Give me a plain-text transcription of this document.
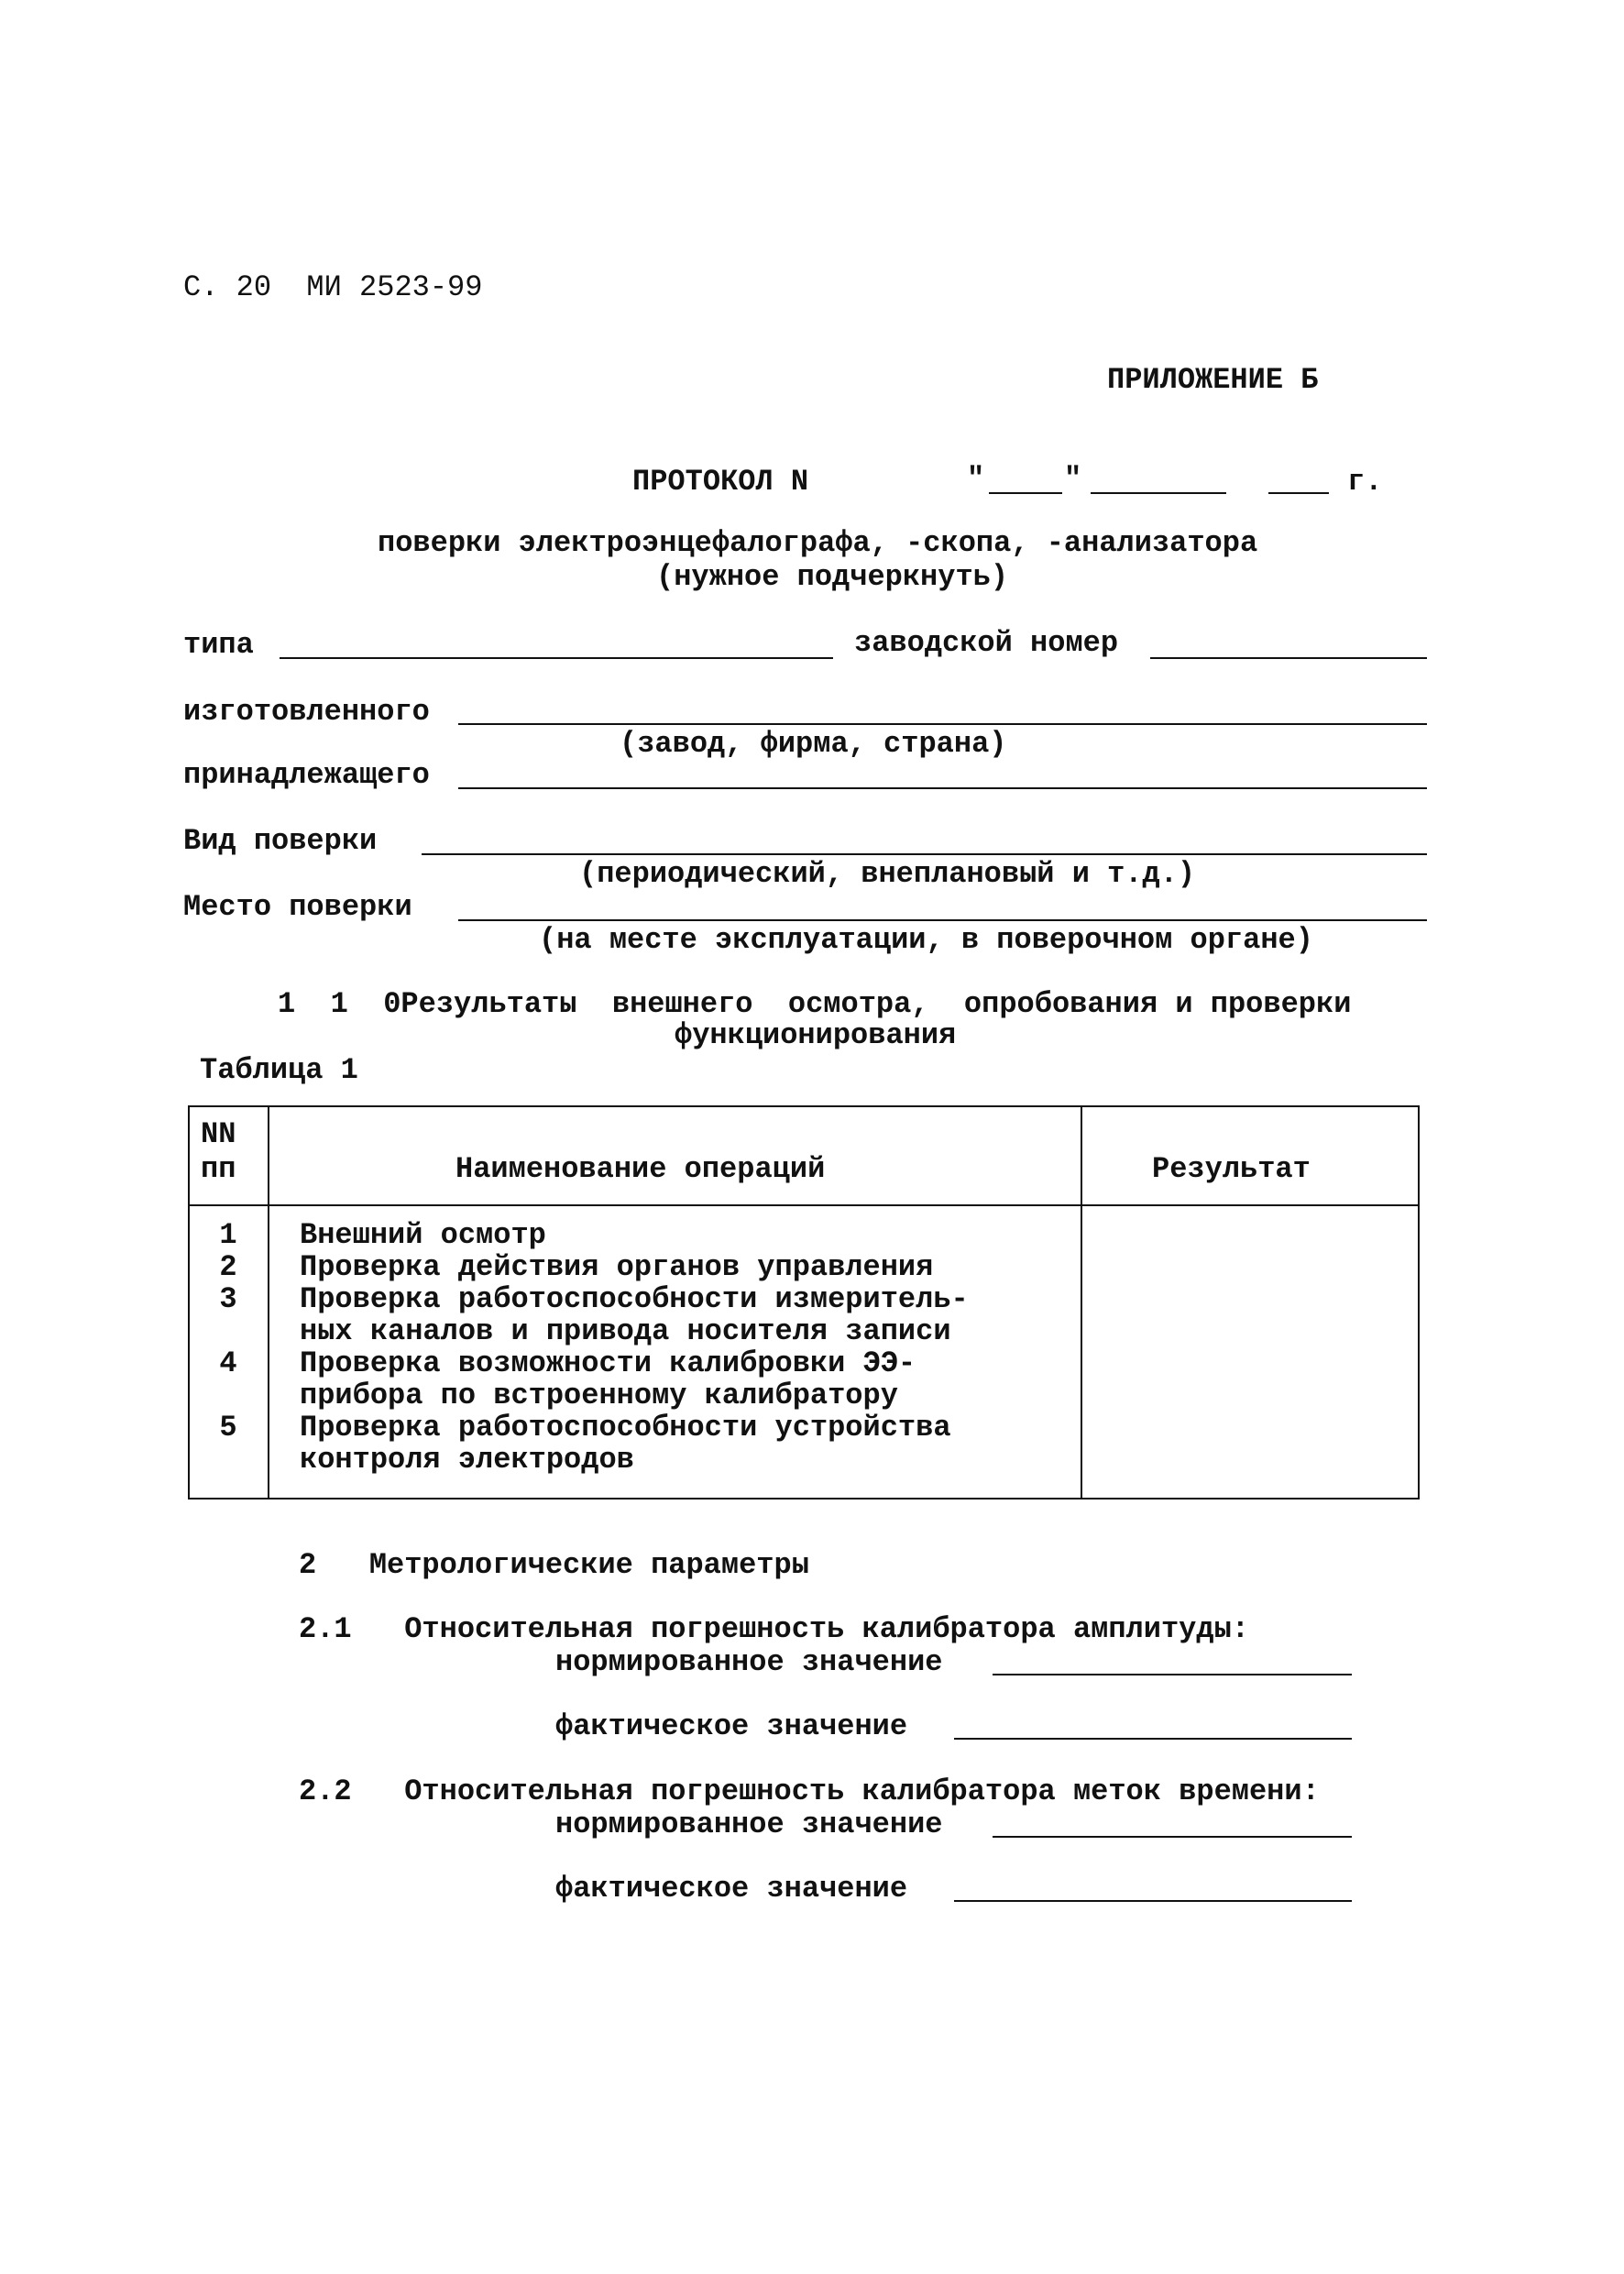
С. 20  МИ 2523-99
ПРИЛОЖЕНИЕ Б
ПРОТОКОЛ N	"	"	г.
поверки электроэнцефалографа, -скопа, -анализатора
(нужное подчеркнуть)
типа	заводской номер
изготовленного
(завод, фирма, страна)
принадлежащего
Вид поверки
(периодический, внеплановый и т.д.)
Место поверки
(на месте эксплуатации, в поверочном органе)
1  1  0Результаты  внешнего  осмотра,  опробования и проверки
функционирования
Таблица 1
NN
пп	Наименование операций	Результат
1	Внешний осмотр
2	Проверка действия органов управления
3	Проверка работоспособности измеритель-
ных каналов и привода носителя записи
4	Проверка возможности калибровки ЭЭ-
прибора по встроенному калибратору
5	Проверка работоспособности устройства
контроля электродов
2   Метрологические параметры
2.1   Относительная погрешность калибратора амплитуды:
нормированное значение
фактическое значение
2.2   Относительная погрешность калибратора меток времени:
нормированное значение
фактическое значение
